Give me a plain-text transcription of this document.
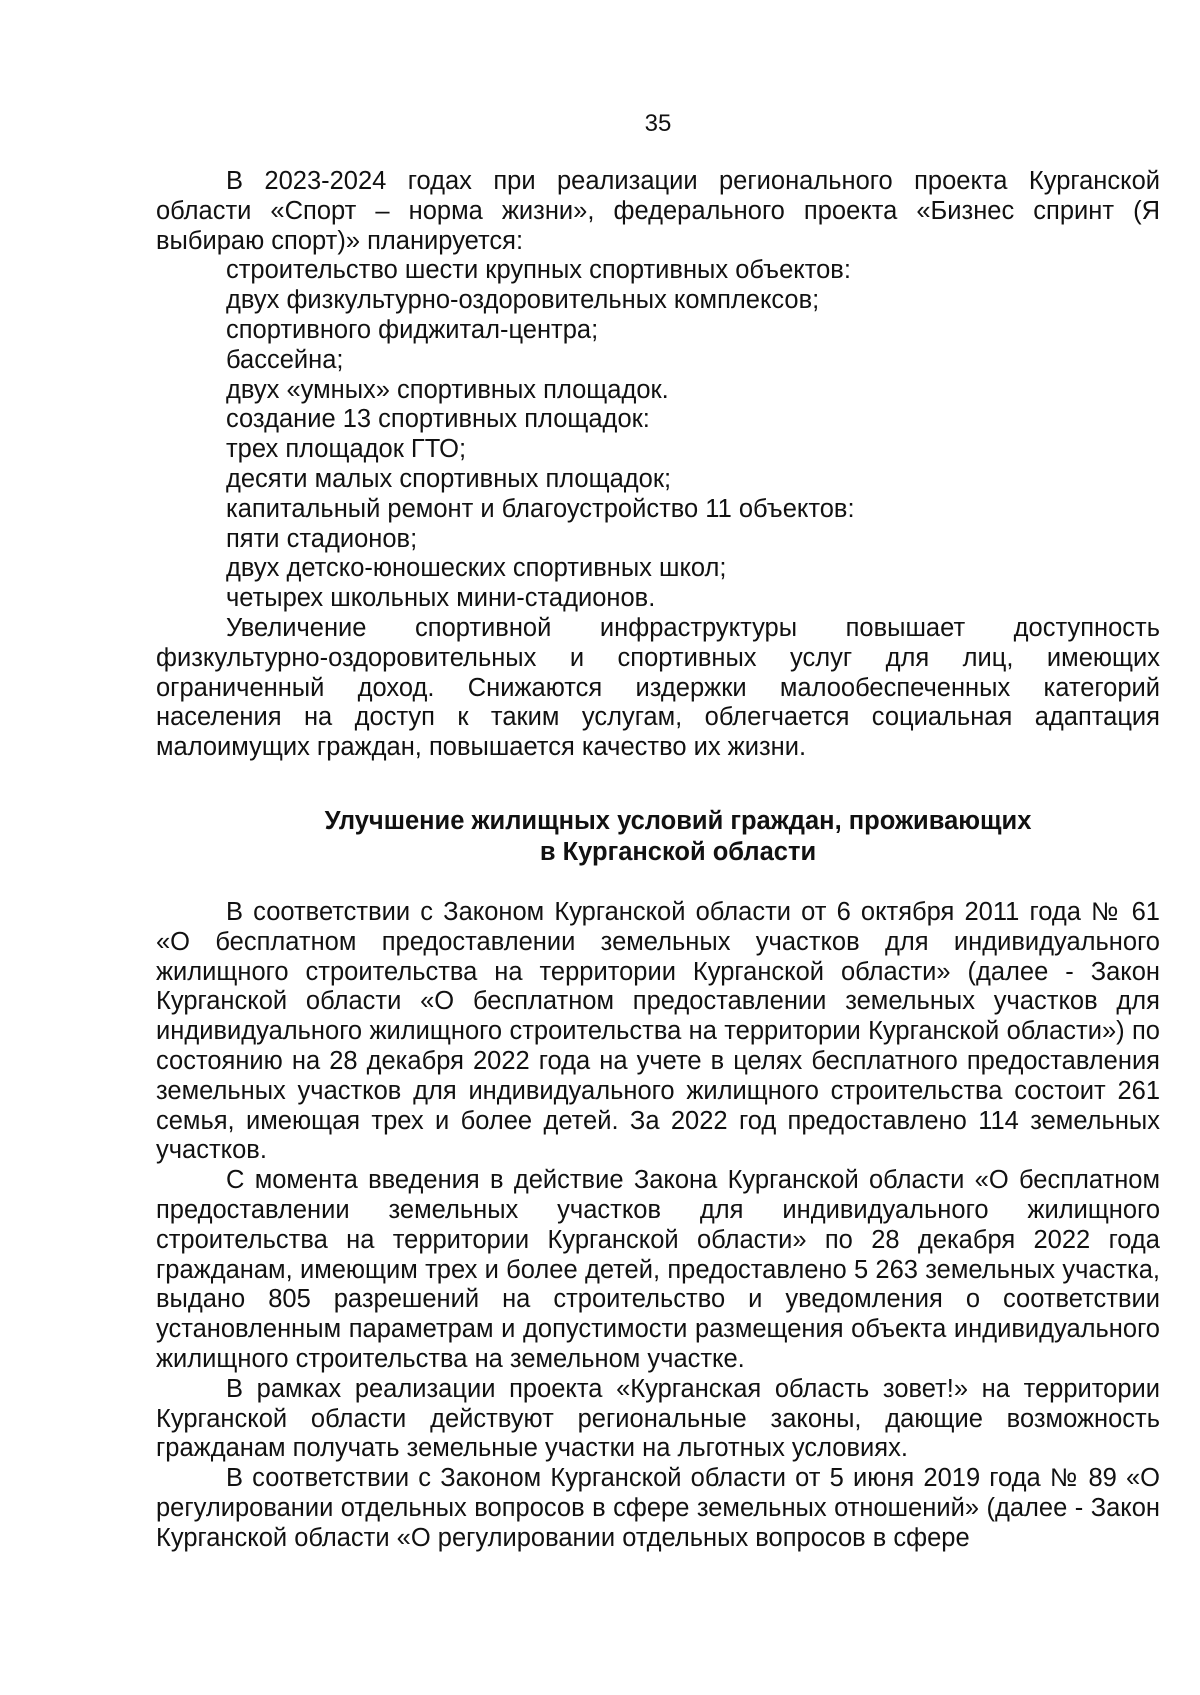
35

В 2023-2024 годах при реализации регионального проекта Курганской области «Спорт – норма жизни», федерального проекта «Бизнес спринт (Я выбираю спорт)» планируется:

строительство шести крупных спортивных объектов:

двух физкультурно-оздоровительных комплексов;

спортивного фиджитал-центра;

бассейна;

двух «умных» спортивных площадок.

создание 13 спортивных площадок:

трех площадок ГТО;

десяти малых спортивных площадок;

капитальный ремонт и благоустройство 11 объектов:

пяти стадионов;

двух детско-юношеских спортивных школ;

четырех школьных мини-стадионов.

Увеличение спортивной инфраструктуры повышает доступность физкультурно-оздоровительных и спортивных услуг для лиц, имеющих ограниченный доход. Снижаются издержки малообеспеченных категорий населения на доступ к таким услугам, облегчается социальная адаптация малоимущих граждан, повышается качество их жизни.

Улучшение жилищных условий граждан, проживающих

в Курганской области

В соответствии с Законом Курганской области от 6 октября 2011 года № 61 «О бесплатном предоставлении земельных участков для индивидуального жилищного строительства на территории Курганской области» (далее - Закон Курганской области «О бесплатном предоставлении земельных участков для индивидуального жилищного строительства на территории Курганской области») по состоянию на 28 декабря 2022 года на учете в целях бесплатного предоставления земельных участков для индивидуального жилищного строительства состоит 261 семья, имеющая трех и более детей. За 2022 год предоставлено 114 земельных участков.

С момента введения в действие Закона Курганской области «О бесплатном предоставлении земельных участков для индивидуального жилищного строительства на территории Курганской области» по 28 декабря 2022 года гражданам, имеющим трех и более детей, предоставлено 5 263 земельных участка, выдано 805 разрешений на строительство и уведомления о соответствии установленным параметрам и допустимости размещения объекта индивидуального жилищного строительства на земельном участке.

В рамках реализации проекта «Курганская область зовет!» на территории Курганской области действуют региональные законы, дающие возможность гражданам получать земельные участки на льготных условиях.

В соответствии с Законом Курганской области от 5 июня 2019 года № 89 «О регулировании отдельных вопросов в сфере земельных отношений» (далее - Закон Курганской области «О регулировании отдельных вопросов в сфере
